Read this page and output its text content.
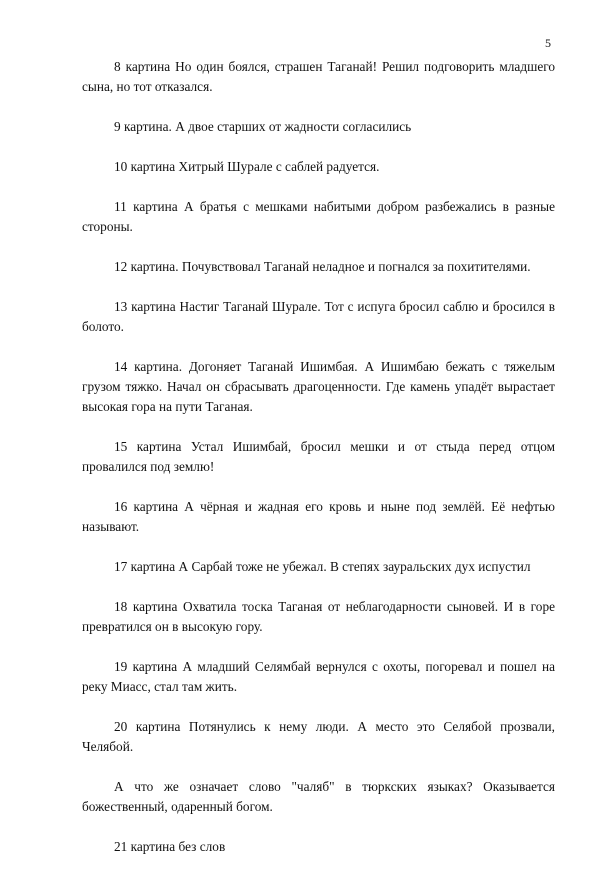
5

8 картина Но один боялся, страшен Таганай! Решил подговорить младшего сына, но тот отказался.

9 картина. А двое старших от жадности согласились

10 картина Хитрый Шурале с саблей радуется.

11 картина А братья с мешками набитыми добром разбежались в разные стороны.

12 картина. Почувствовал Таганай неладное и погнался за похитителями.

13 картина Настиг Таганай Шурале. Тот с испуга бросил саблю и бросился в болото.

14 картина. Догоняет Таганай Ишимбая. А Ишимбаю бежать с тяжелым грузом тяжко. Начал он сбрасывать драгоценности. Где камень упадёт вырастает высокая гора на пути Таганая.

15 картина Устал Ишимбай, бросил мешки и от стыда перед отцом провалился под землю!

16 картина А чёрная и жадная его кровь и ныне под землёй. Её нефтью называют.

17 картина А Сарбай тоже не убежал. В степях зауральских дух испустил

18 картина Охватила тоска Таганая от неблагодарности сыновей. И в горе превратился он в высокую гору.

19 картина А младший Селямбай вернулся с охоты, погоревал и пошел на реку Миасс, стал там жить.

20 картина Потянулись к нему люди. А место это Селябой прозвали, Челябой.

А что же означает слово "чаляб" в тюркских языках? Оказывается божественный, одаренный богом.

21 картина без слов
